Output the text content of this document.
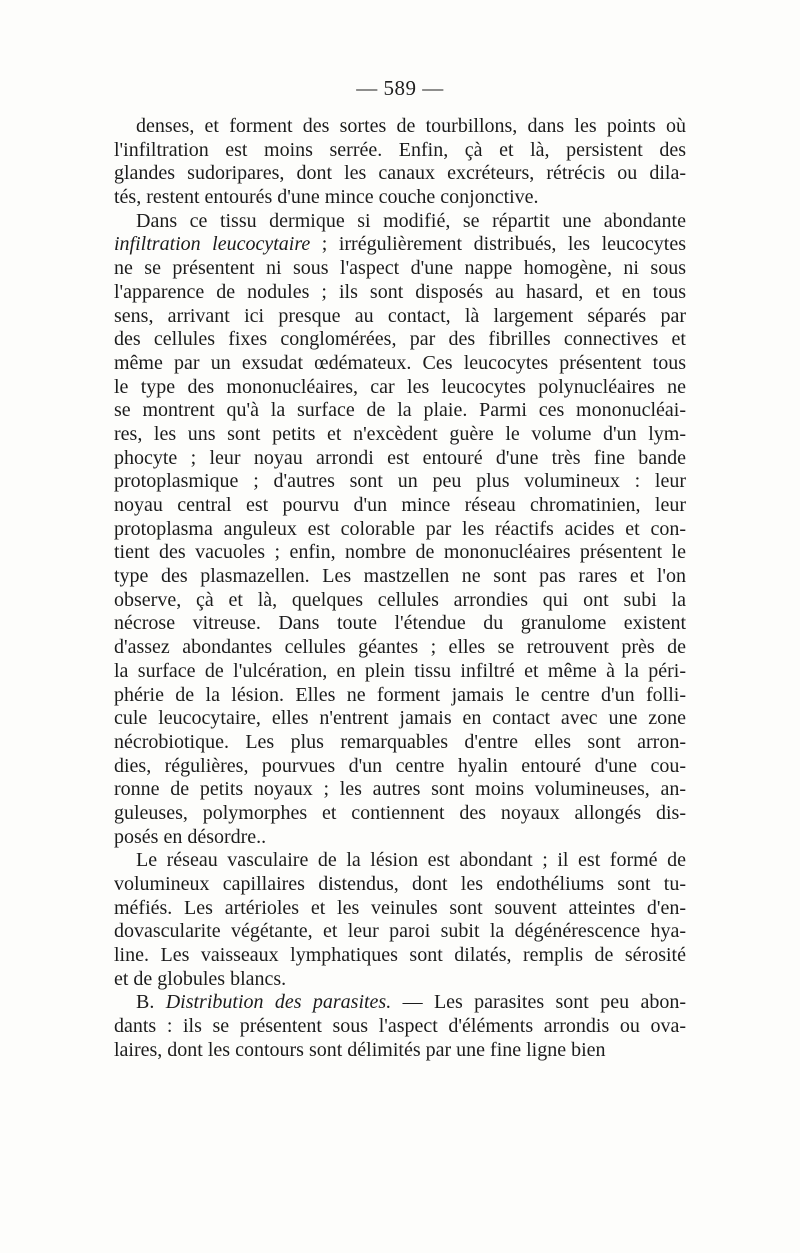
— 589 —
denses, et forment des sortes de tourbillons, dans les points où
l'infiltration est moins serrée. Enfin, çà et là, persistent des
glandes sudoripares, dont les canaux excréteurs, rétrécis ou dila-
tés, restent entourés d'une mince couche conjonctive.
Dans ce tissu dermique si modifié, se répartit une abondante
infiltration leucocytaire ; irrégulièrement distribués, les leucocytes
ne se présentent ni sous l'aspect d'une nappe homogène, ni sous
l'apparence de nodules ; ils sont disposés au hasard, et en tous
sens, arrivant ici presque au contact, là largement séparés par
des cellules fixes conglomérées, par des fibrilles connectives et
même par un exsudat œdémateux. Ces leucocytes présentent tous
le type des mononucléaires, car les leucocytes polynucléaires ne
se montrent qu'à la surface de la plaie. Parmi ces mononucléai-
res, les uns sont petits et n'excèdent guère le volume d'un lym-
phocyte ; leur noyau arrondi est entouré d'une très fine bande
protoplasmique ; d'autres sont un peu plus volumineux : leur
noyau central est pourvu d'un mince réseau chromatinien, leur
protoplasma anguleux est colorable par les réactifs acides et con-
tient des vacuoles ; enfin, nombre de mononucléaires présentent le
type des plasmazellen. Les mastzellen ne sont pas rares et l'on
observe, çà et là, quelques cellules arrondies qui ont subi la
nécrose vitreuse. Dans toute l'étendue du granulome existent
d'assez abondantes cellules géantes ; elles se retrouvent près de
la surface de l'ulcération, en plein tissu infiltré et même à la péri-
phérie de la lésion. Elles ne forment jamais le centre d'un folli-
cule leucocytaire, elles n'entrent jamais en contact avec une zone
nécrobiotique. Les plus remarquables d'entre elles sont arron-
dies, régulières, pourvues d'un centre hyalin entouré d'une cou-
ronne de petits noyaux ; les autres sont moins volumineuses, an-
guleuses, polymorphes et contiennent des noyaux allongés dis-
posés en désordre..
Le réseau vasculaire de la lésion est abondant ; il est formé de
volumineux capillaires distendus, dont les endothéliums sont tu-
méfiés. Les artérioles et les veinules sont souvent atteintes d'en-
dovascularite végétante, et leur paroi subit la dégénérescence hya-
line. Les vaisseaux lymphatiques sont dilatés, remplis de sérosité
et de globules blancs.
B. Distribution des parasites. — Les parasites sont peu abon-
dants : ils se présentent sous l'aspect d'éléments arrondis ou ova-
laires, dont les contours sont délimités par une fine ligne bien
